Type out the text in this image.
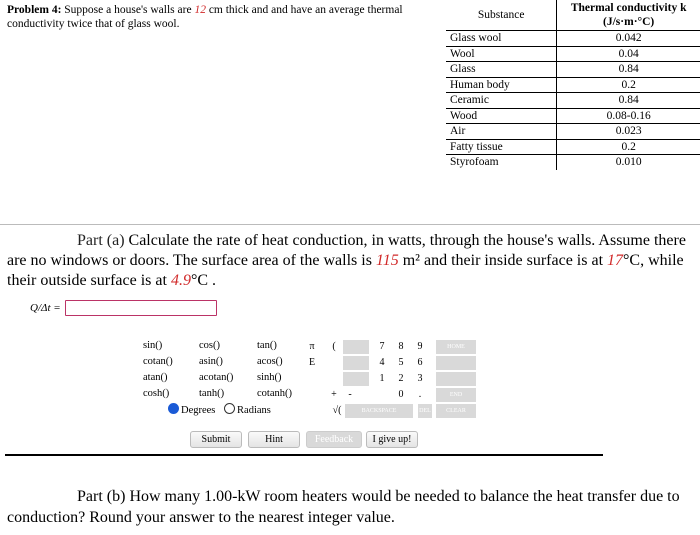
Problem 4: Suppose a house's walls are 12 cm thick and and have an average thermal conductivity twice that of glass wool.
Substance	Thermal conductivity k
(J/s·m·°C)

Glass wool	0.042
Wool	0.04
Glass	0.84
Human body	0.2
Ceramic	0.84
Wood	0.08-0.16
Air	0.023
Fatty tissue	0.2
Styrofoam	0.010
Part (a) Calculate the rate of heat conduction, in watts, through the house's walls. Assume there are no windows or doors. The surface area of the walls is 115 m² and their inside surface is at 17°C, while their outside surface is at 4.9°C .
Q/Δt =
sin()	cos()	tan()
cotan()	asin()	acos()
atan()	acotan() sinh()
cosh()	tanh()	cotanh()
Degrees Radians
π	(
E
+	-
√(
7	8	9
4	5	6
1	2	3
0	.
HOME
END
BACKSPACE	DEL	CLEAR
Submit	Hint	Feedback	I give up!
Part (b) How many 1.00-kW room heaters would be needed to balance the heat transfer due to conduction? Round your answer to the nearest integer value.
